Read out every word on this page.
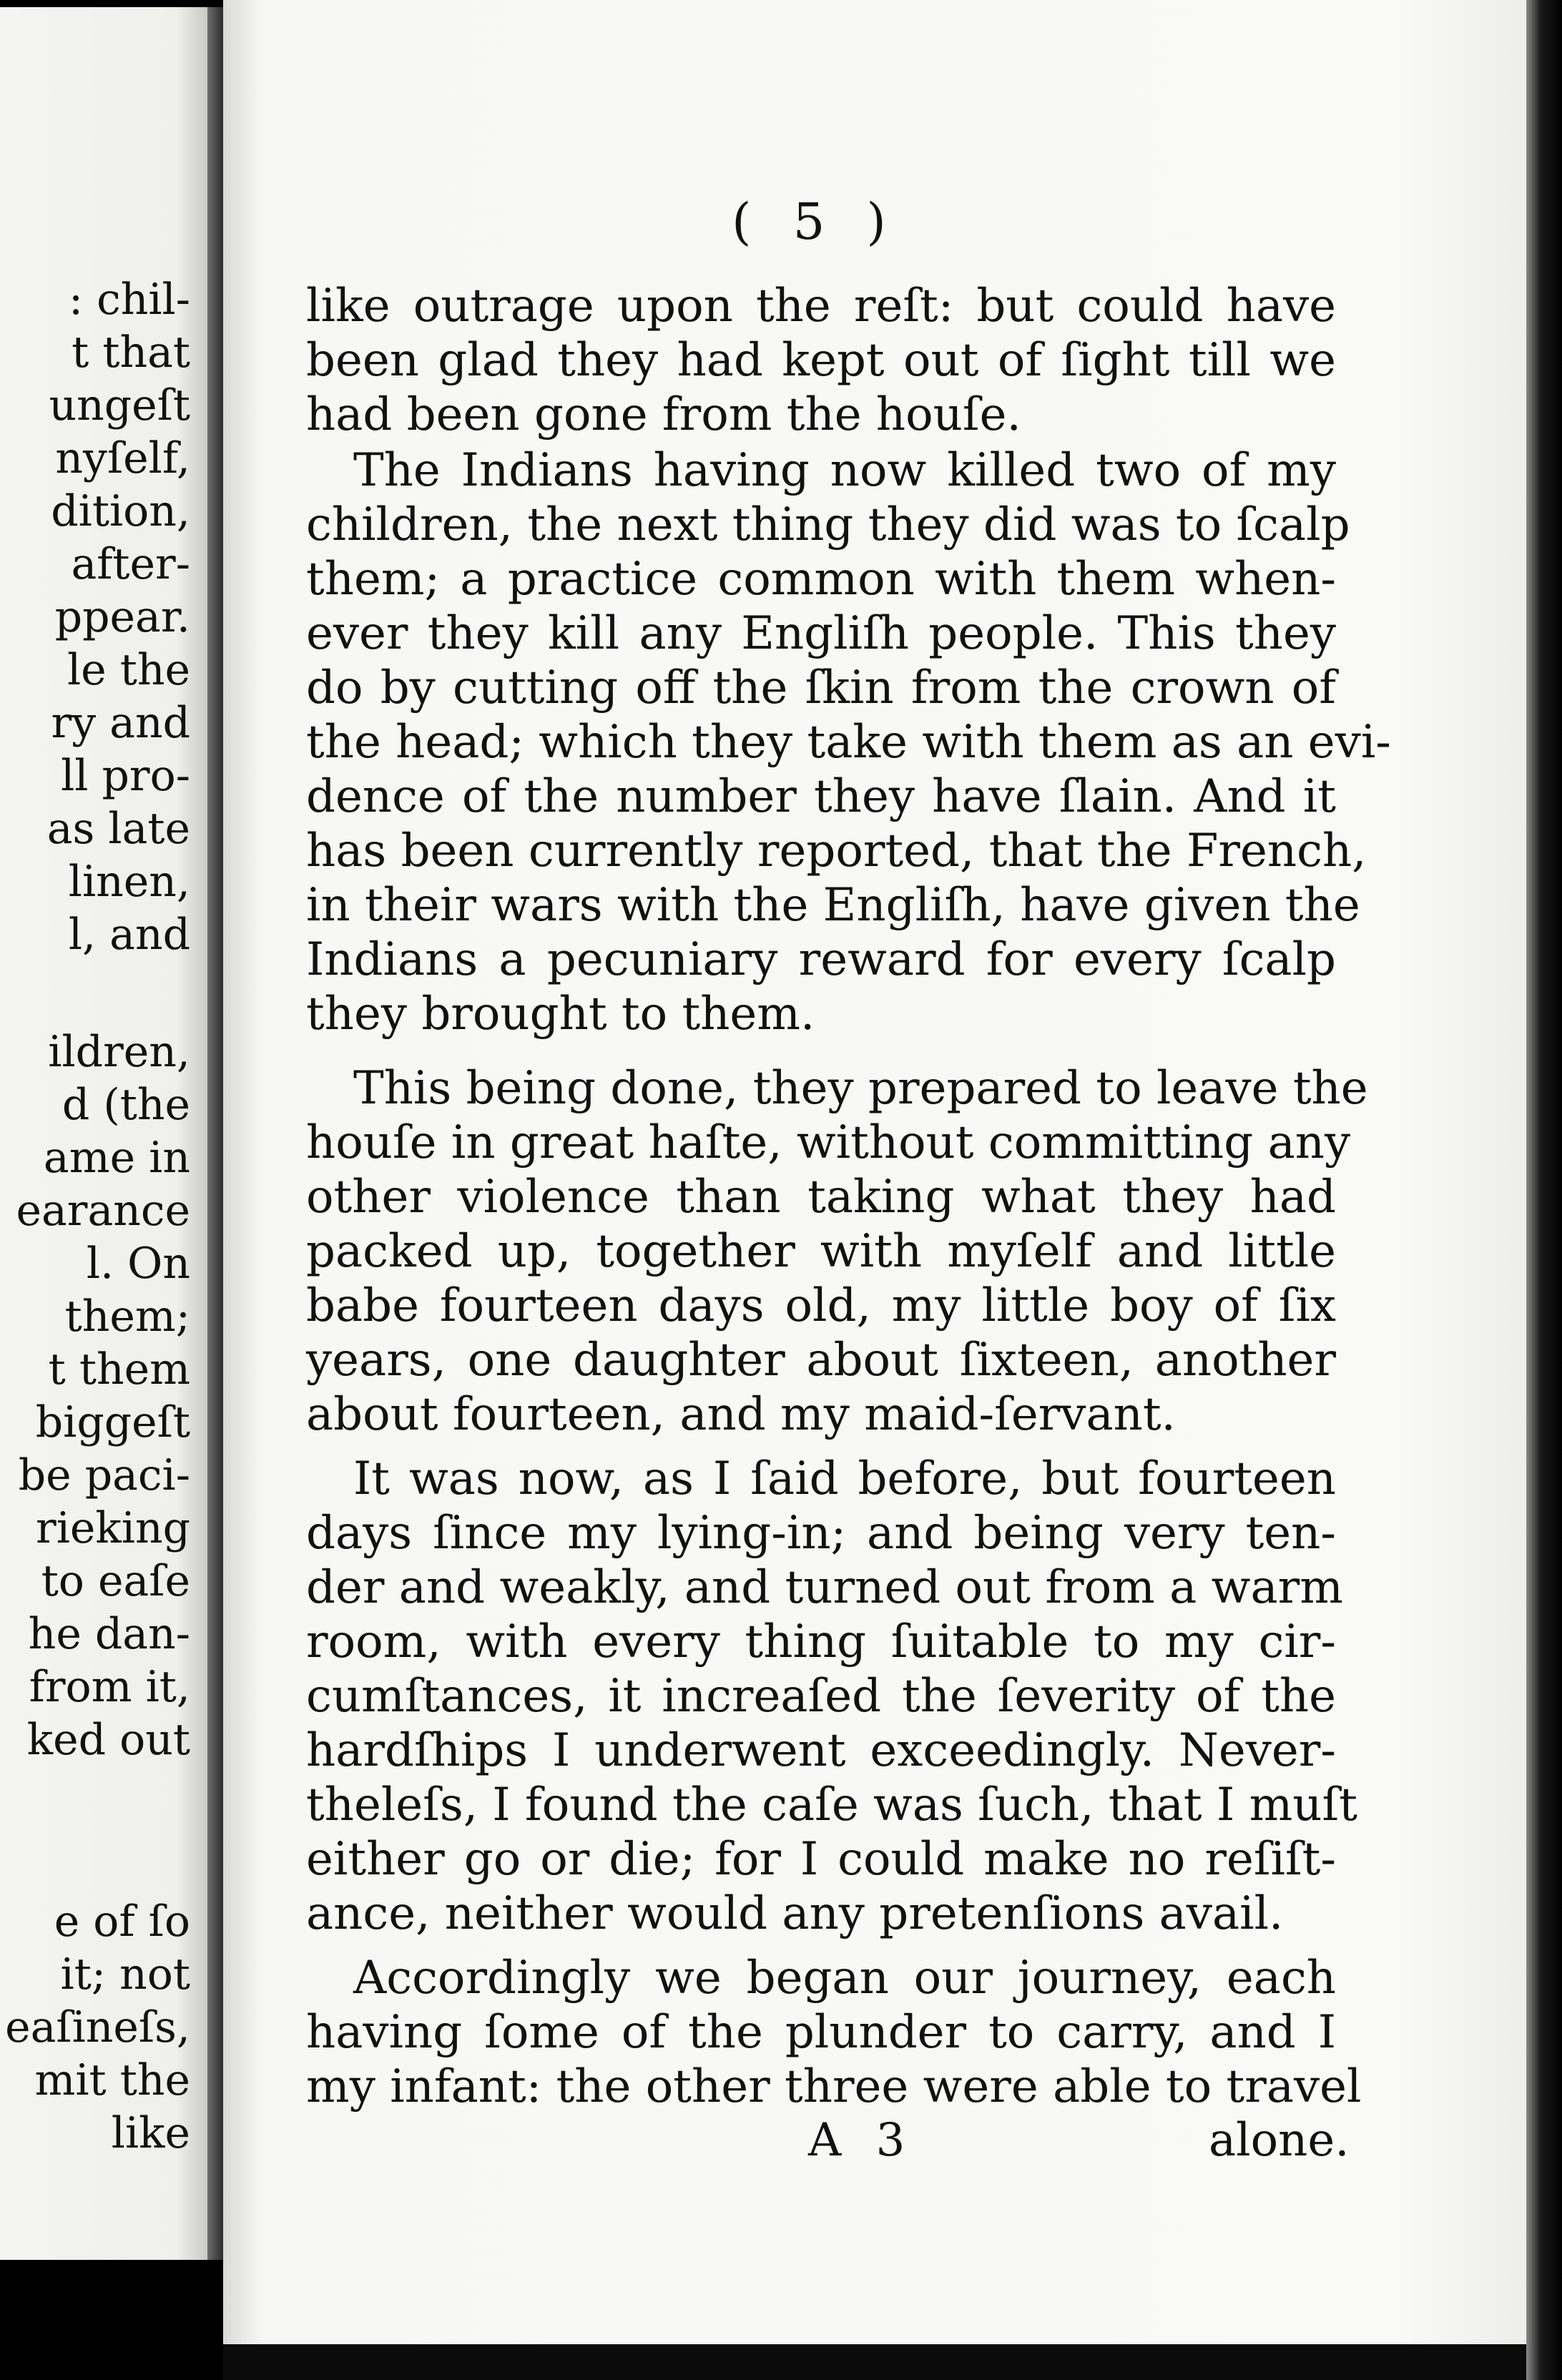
: chil-
t that
ungeſt
nyſelf,
dition,
after-
ppear.
le the
ry and
ll pro-
as late
linen,
l, and
ildren,
d (the
ame in
earance
l. On
them;
t them
biggeſt
be paci-
rieking
to eaſe
he dan-
from it,
ked out
e of ſo
it; not
eaſineſs,
mit the
like
( 5 )
like outrage upon the reſt: but could have
been glad they had kept out of ſight till we
had been gone from the houſe.
The Indians having now killed two of my
children, the next thing they did was to ſcalp
them; a practice common with them when-
ever they kill any Engliſh people. This they
do by cutting off the ſkin from the crown of
the head; which they take with them as an evi-
dence of the number they have ſlain. And it
has been currently reported, that the French,
in their wars with the Engliſh, have given the
Indians a pecuniary reward for every ſcalp
they brought to them.
This being done, they prepared to leave the
houſe in great haſte, without committing any
other violence than taking what they had
packed up, together with myſelf and little
babe fourteen days old, my little boy of ſix
years, one daughter about ſixteen, another
about fourteen, and my maid-ſervant.
It was now, as I ſaid before, but fourteen
days ſince my lying-in; and being very ten-
der and weakly, and turned out from a warm
room, with every thing ſuitable to my cir-
cumſtances, it increaſed the ſeverity of the
hardſhips I underwent exceedingly. Never-
theleſs, I found the caſe was ſuch, that I muſt
either go or die; for I could make no reſiſt-
ance, neither would any pretenſions avail.
Accordingly we began our journey, each
having ſome of the plunder to carry, and I
my infant: the other three were able to travel
A 3	alone.
